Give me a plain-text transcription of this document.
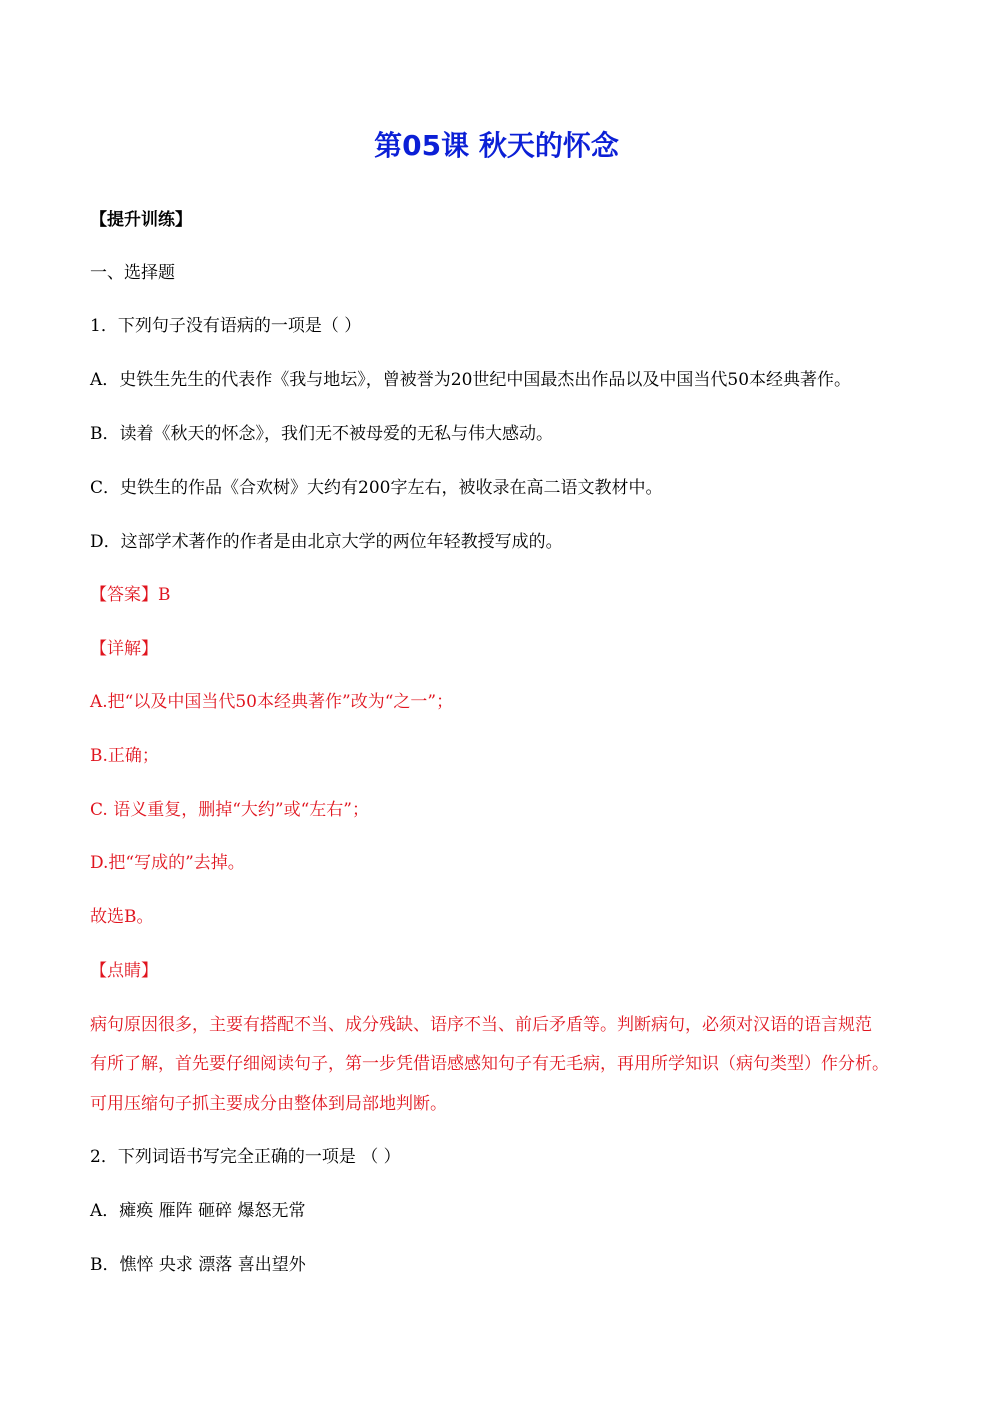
第05课 秋天的怀念
【提升训练】
一、选择题
1．下列句子没有语病的一项是（ ）
A．史铁生先生的代表作《我与地坛》，曾被誉为20世纪中国最杰出作品以及中国当代50本经典著作。
B．读着《秋天的怀念》，我们无不被母爱的无私与伟大感动。
C．史铁生的作品《合欢树》大约有200字左右，被收录在高二语文教材中。
D．这部学术著作的作者是由北京大学的两位年轻教授写成的。
【答案】B
【详解】
A.把“以及中国当代50本经典著作”改为“之一”；
B.正确；
C. 语义重复，删掉“大约”或“左右”；
D.把“写成的”去掉。
故选B。
【点睛】
病句原因很多，主要有搭配不当、成分残缺、语序不当、前后矛盾等。判断病句，必须对汉语的语言规范
有所了解，首先要仔细阅读句子，第一步凭借语感感知句子有无毛病，再用所学知识（病句类型）作分析。
可用压缩句子抓主要成分由整体到局部地判断。
2．下列词语书写完全正确的一项是 （ ）
A．瘫痪 雁阵 砸碎 爆怒无常
B．憔悴 央求 漂落 喜出望外
